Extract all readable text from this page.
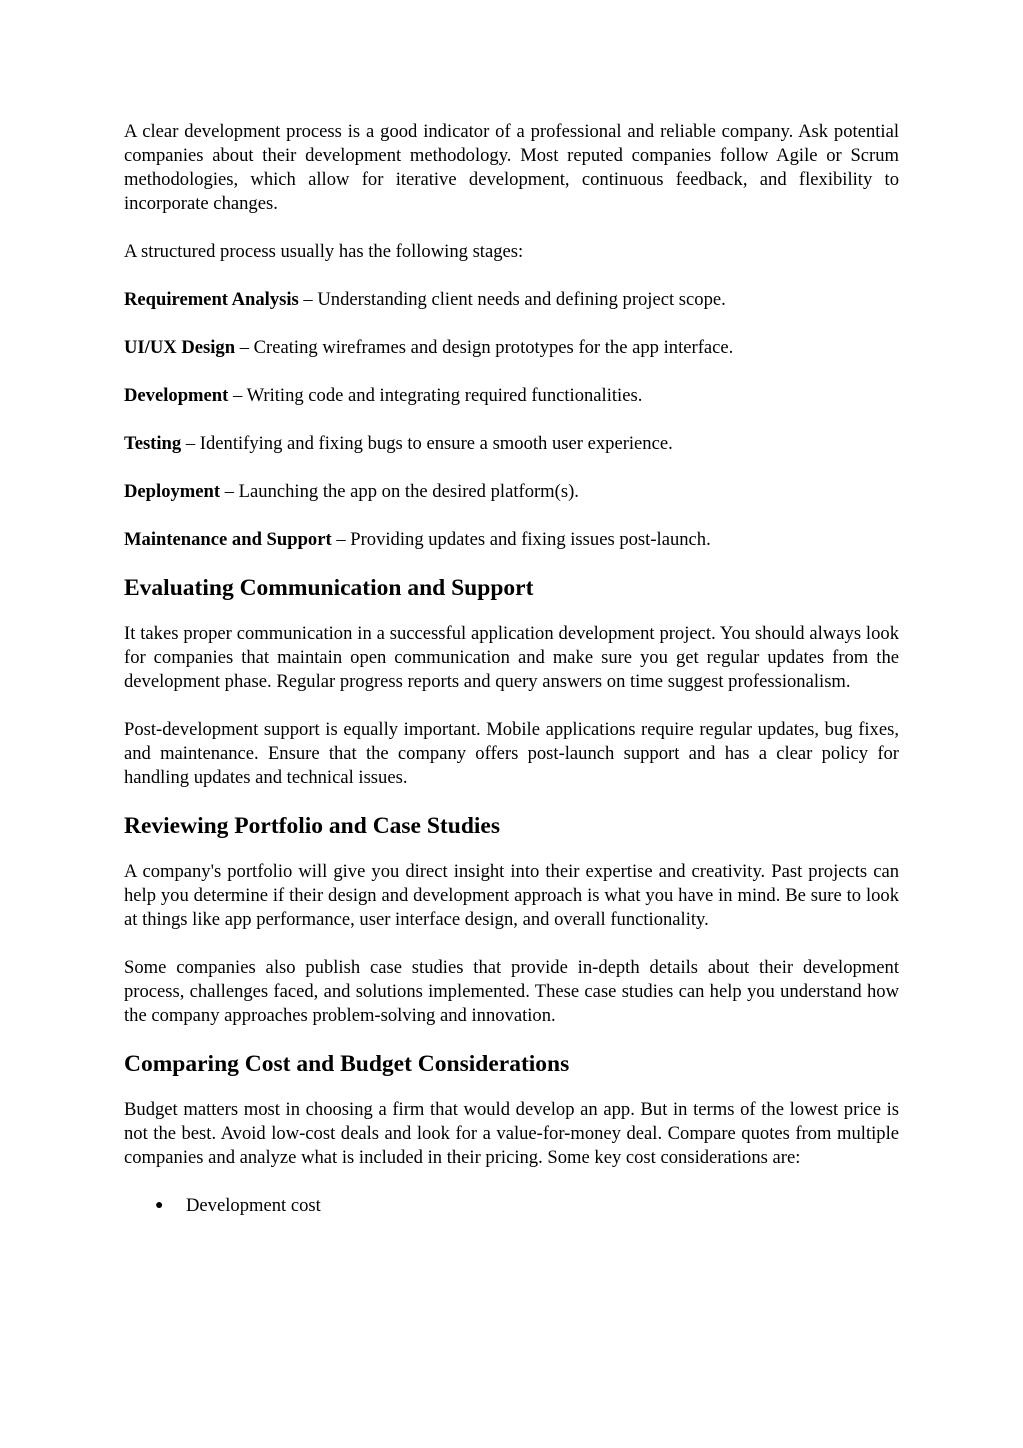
A clear development process is a good indicator of a professional and reliable company. Ask potential companies about their development methodology. Most reputed companies follow Agile or Scrum methodologies, which allow for iterative development, continuous feedback, and flexibility to incorporate changes.

A structured process usually has the following stages:

Requirement Analysis – Understanding client needs and defining project scope.

UI/UX Design – Creating wireframes and design prototypes for the app interface.

Development – Writing code and integrating required functionalities.

Testing – Identifying and fixing bugs to ensure a smooth user experience.

Deployment – Launching the app on the desired platform(s).

Maintenance and Support – Providing updates and fixing issues post-launch.

Evaluating Communication and Support

It takes proper communication in a successful application development project. You should always look for companies that maintain open communication and make sure you get regular updates from the development phase. Regular progress reports and query answers on time suggest professionalism.

Post-development support is equally important. Mobile applications require regular updates, bug fixes, and maintenance. Ensure that the company offers post-launch support and has a clear policy for handling updates and technical issues.

Reviewing Portfolio and Case Studies

A company's portfolio will give you direct insight into their expertise and creativity. Past projects can help you determine if their design and development approach is what you have in mind. Be sure to look at things like app performance, user interface design, and overall functionality.

Some companies also publish case studies that provide in-depth details about their development process, challenges faced, and solutions implemented. These case studies can help you understand how the company approaches problem-solving and innovation.

Comparing Cost and Budget Considerations

Budget matters most in choosing a firm that would develop an app. But in terms of the lowest price is not the best. Avoid low-cost deals and look for a value-for-money deal. Compare quotes from multiple companies and analyze what is included in their pricing. Some key cost considerations are:

● Development cost
